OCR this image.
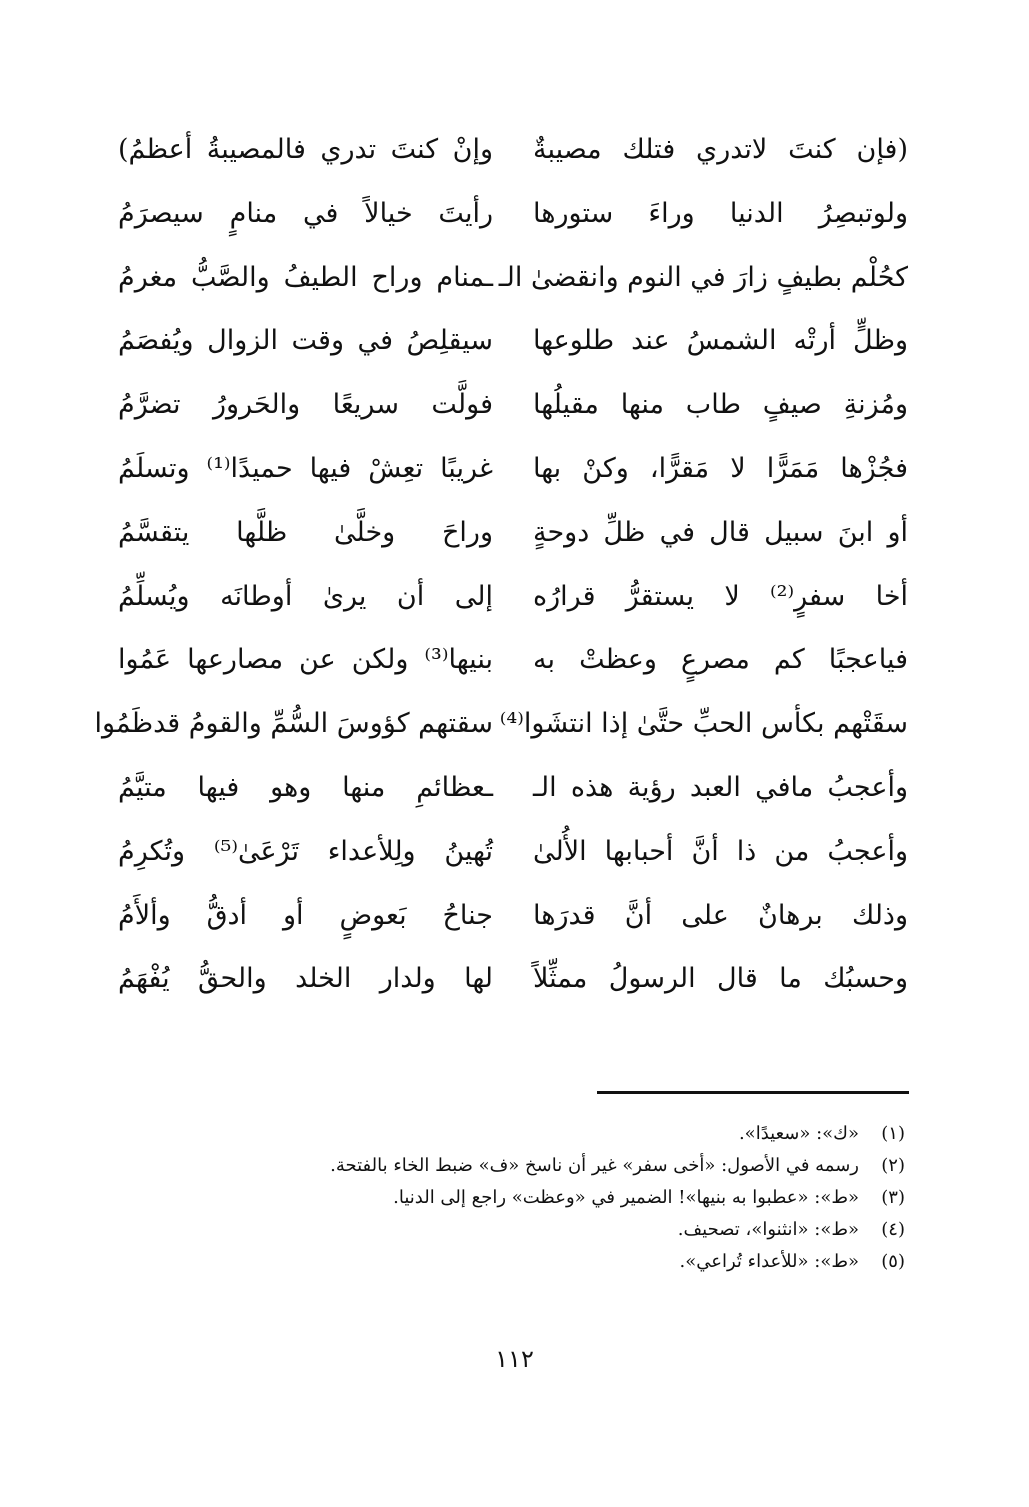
(فإن كنتَ لاتدري فتلك مصيبةٌ
وإنْ كنتَ تدري فالمصيبةُ أعظمُ)
ولوتبصِرُ الدنيا وراءَ ستورها
رأيتَ خيالاً في منامٍ سيصرَمُ
كحُلْم بطيفٍ زارَ في النوم وانقضىٰ الـ
ـمنام وراح الطيفُ والصَّبُّ مغرمُ
وظلٍّ أرتْه الشمسُ عند طلوعها
سيقلِصُ في وقت الزوال ويُفصَمُ
ومُزنةِ صيفٍ طاب منها مقيلُها
فولَّت سريعًا والحَرورُ تضرَّمُ
فجُزْها مَمَرًّا لا مَقرًّا، وكنْ بها
غريبًا تعِشْ فيها حميدًا⁽¹⁾ وتسلَمُ
أو ابنَ سبيل قال في ظلِّ دوحةٍ
وراحَ وخلَّىٰ ظلَّها يتقسَّمُ
أخا سفرٍ⁽²⁾ لا يستقرُّ قرارُه
إلى أن يرىٰ أوطانَه ويُسلِّمُ
فياعجبًا كم مصرعٍ وعظتْ به
بنيها⁽³⁾ ولكن عن مصارعها عَمُوا
سقَتْهم بكأس الحبِّ حتَّىٰ إذا انتشَوا⁽⁴⁾
سقتهم كؤوسَ السُّمِّ والقومُ قدظَمُوا
وأعجبُ مافي العبد رؤية هذه الـ
ـعظائمِ منها وهو فيها متيَّمُ
وأعجبُ من ذا أنَّ أحبابها الأُلىٰ
تُهينُ ولِلأعداء تَرْعَىٰ⁽⁵⁾ وتُكرِمُ
وذلك برهانٌ على أنَّ قدرَها
جناحُ بَعوضٍ أو أدقُّ وألأَمُ
وحسبُك ما قال الرسولُ ممثِّلاً
لها ولدار الخلد والحقُّ يُفْهَمُ
(١)
«ك»: «سعيدًا».
(٢)
رسمه في الأصول: «أخى سفر» غير أن ناسخ «ف» ضبط الخاء بالفتحة.
(٣)
«ط»: «عطبوا به بنيها»! الضمير في «وعظت» راجع إلى الدنيا.
(٤)
«ط»: «انثنوا»، تصحيف.
(٥)
«ط»: «للأعداء تُراعي».
١١٢
